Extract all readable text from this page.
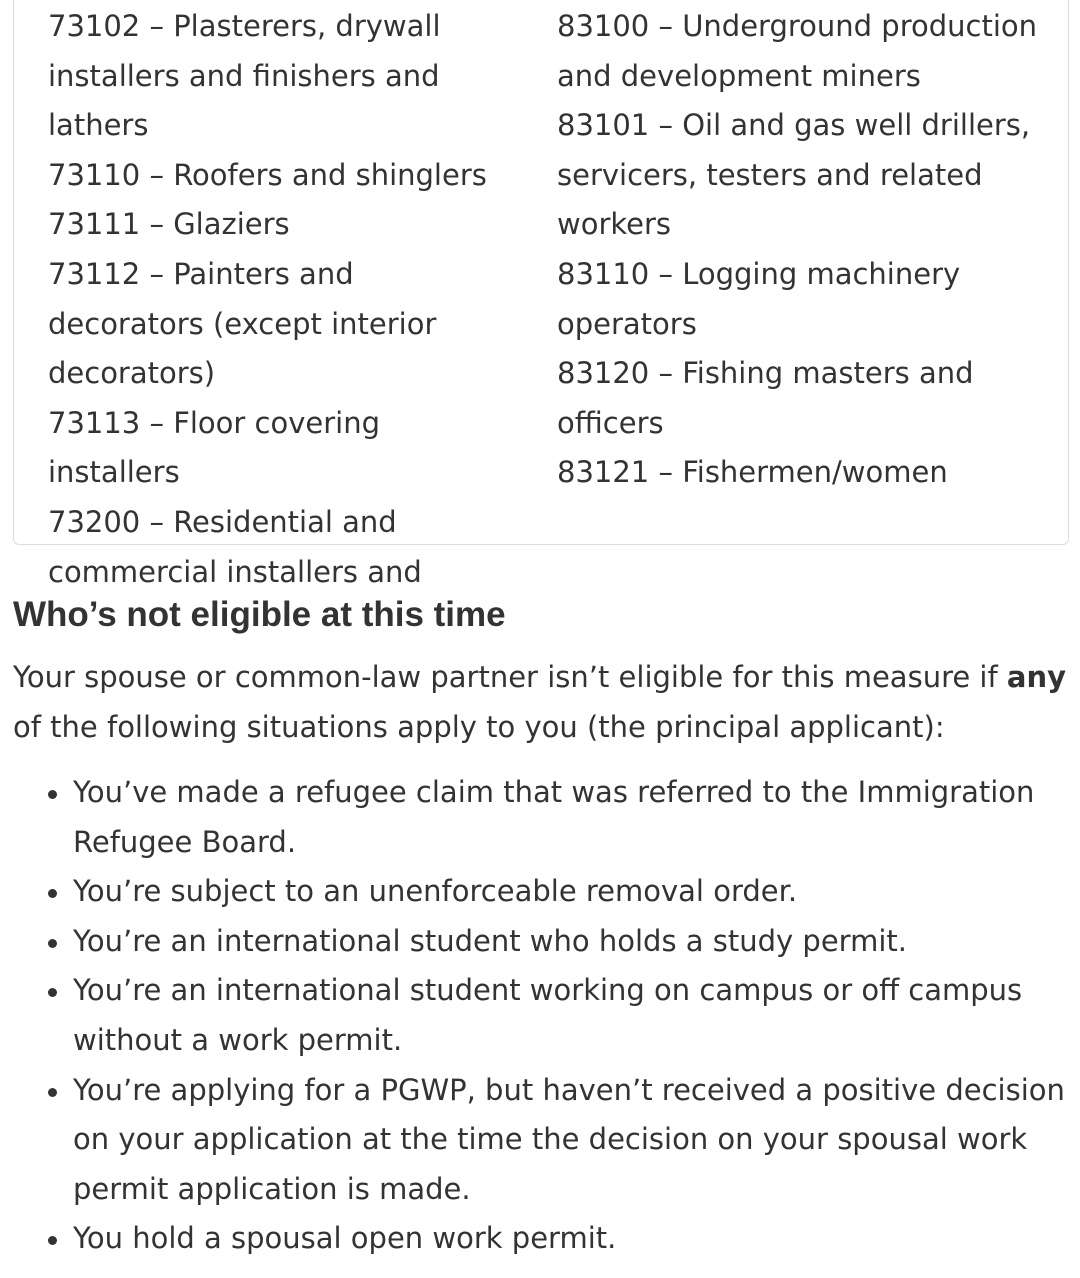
73102 – Plasterers, drywall installers and finishers and lathers
73110 – Roofers and shinglers
73111 – Glaziers
73112 – Painters and decorators (except interior decorators)
73113 – Floor covering installers
73200 – Residential and commercial installers and
83100 – Underground production and development miners
83101 – Oil and gas well drillers, servicers, testers and related workers
83110 – Logging machinery operators
83120 – Fishing masters and officers
83121 – Fishermen/women
Who’s not eligible at this time

Your spouse or common-law partner isn’t eligible for this measure if any of the following situations apply to you (the principal applicant):

You’ve made a refugee claim that was referred to the Immigration Refugee Board.
You’re subject to an unenforceable removal order.
You’re an international student who holds a study permit.
You’re an international student working on campus or off campus without a work permit.
You’re applying for a PGWP, but haven’t received a positive decision on your application at the time the decision on your spousal work permit application is made.
You hold a spousal open work permit.
